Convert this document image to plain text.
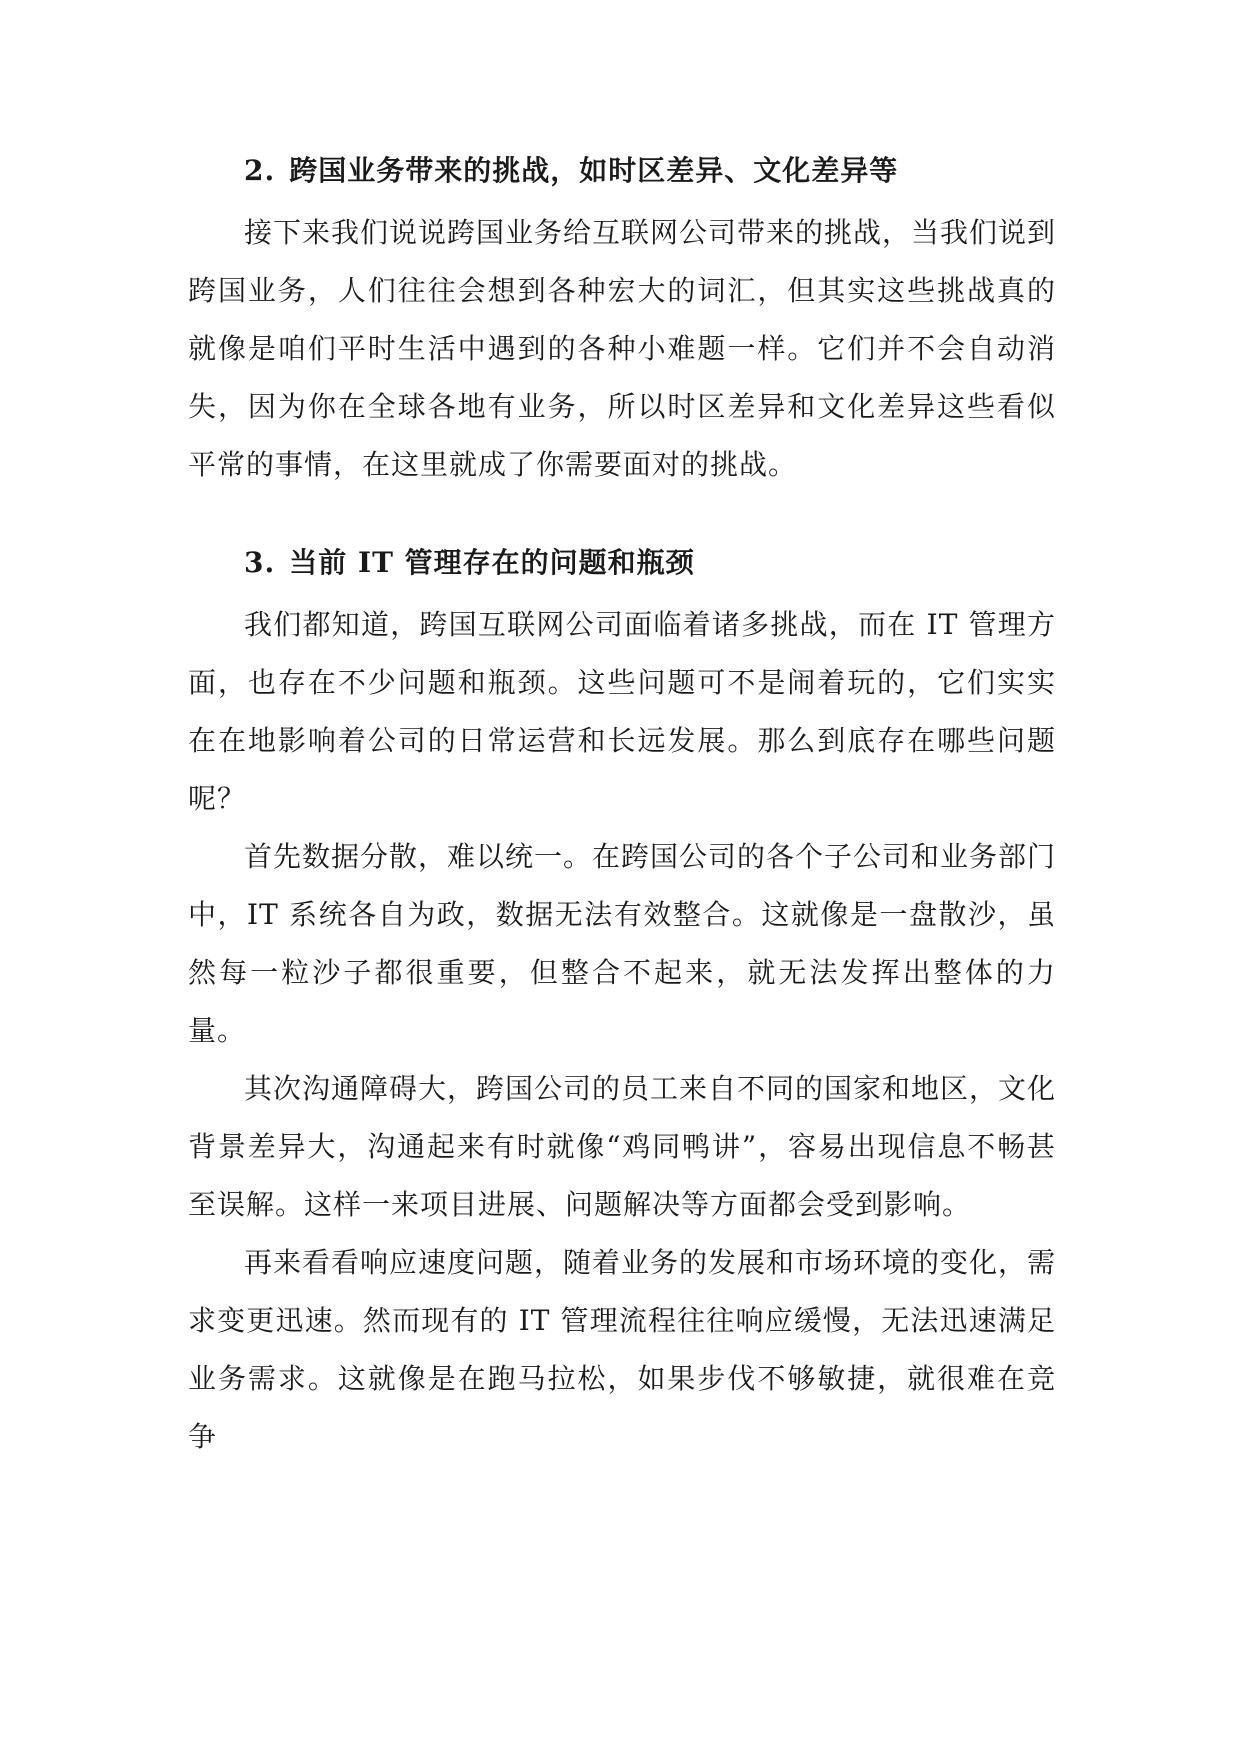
2. 跨国业务带来的挑战，如时区差异、文化差异等

接下来我们说说跨国业务给互联网公司带来的挑战，当我们说到跨国业务，人们往往会想到各种宏大的词汇，但其实这些挑战真的就像是咱们平时生活中遇到的各种小难题一样。它们并不会自动消失，因为你在全球各地有业务，所以时区差异和文化差异这些看似平常的事情，在这里就成了你需要面对的挑战。

3. 当前 IT 管理存在的问题和瓶颈

我们都知道，跨国互联网公司面临着诸多挑战，而在 IT 管理方面，也存在不少问题和瓶颈。这些问题可不是闹着玩的，它们实实在在地影响着公司的日常运营和长远发展。那么到底存在哪些问题呢？

首先数据分散，难以统一。在跨国公司的各个子公司和业务部门中，IT 系统各自为政，数据无法有效整合。这就像是一盘散沙，虽然每一粒沙子都很重要，但整合不起来，就无法发挥出整体的力量。

其次沟通障碍大，跨国公司的员工来自不同的国家和地区，文化背景差异大，沟通起来有时就像“鸡同鸭讲”，容易出现信息不畅甚至误解。这样一来项目进展、问题解决等方面都会受到影响。

再来看看响应速度问题，随着业务的发展和市场环境的变化，需求变更迅速。然而现有的 IT 管理流程往往响应缓慢，无法迅速满足业务需求。这就像是在跑马拉松，如果步伐不够敏捷，就很难在竞争
